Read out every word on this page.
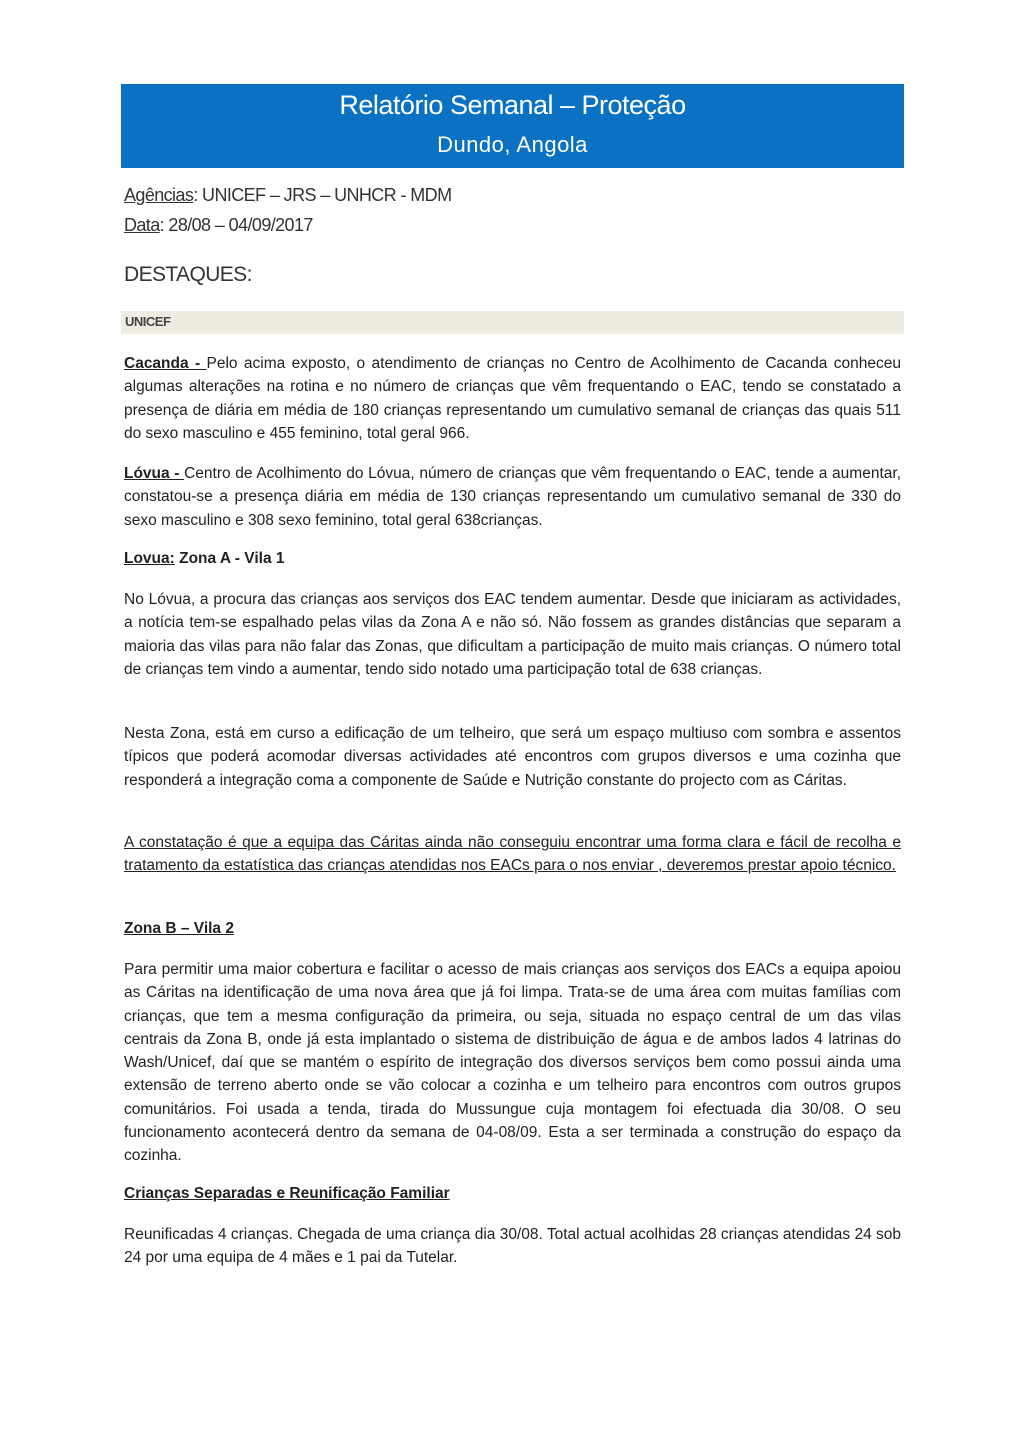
Relatório Semanal – Proteção
Dundo, Angola
Agências: UNICEF – JRS – UNHCR - MDM
Data: 28/08 – 04/09/2017
DESTAQUES:
UNICEF
Cacanda - Pelo acima exposto, o atendimento de crianças no Centro de Acolhimento de Cacanda conheceu algumas alterações na rotina e no número de crianças que vêm frequentando o EAC, tendo se constatado a presença de diária em média de 180 crianças representando um cumulativo semanal de crianças das quais 511 do sexo masculino e 455 feminino, total geral 966.
Lóvua - Centro de Acolhimento do Lóvua, número de crianças que vêm frequentando o EAC, tende a aumentar, constatou-se a presença diária em média de 130 crianças representando um cumulativo semanal de 330 do sexo masculino e 308 sexo feminino, total geral 638crianças.
Lovua: Zona A - Vila 1
No Lóvua, a procura das crianças aos serviços dos EAC tendem aumentar. Desde que iniciaram as actividades, a notícia tem-se espalhado pelas vilas da Zona A e não só. Não fossem as grandes distâncias que separam a maioria das vilas para não falar das Zonas, que dificultam a participação de muito mais crianças. O número total de crianças tem vindo a aumentar, tendo sido notado uma participação total de 638 crianças.
Nesta Zona, está em curso a edificação de um telheiro, que será um espaço multiuso com sombra e assentos típicos que poderá acomodar diversas actividades até encontros com grupos diversos e uma cozinha que responderá a integração coma a componente de Saúde e Nutrição constante do projecto com as Cáritas.
A constatação é que a equipa das Cáritas ainda não conseguiu encontrar uma forma clara e fácil de recolha e tratamento da estatística das crianças atendidas nos EACs para o nos enviar , deveremos prestar apoio técnico.
Zona B – Vila 2
Para permitir uma maior cobertura e facilitar o acesso de mais crianças aos serviços dos EACs a equipa apoiou as Cáritas na identificação de uma nova área que já foi limpa. Trata-se de uma área com muitas famílias com crianças, que tem a mesma configuração da primeira, ou seja, situada no espaço central de um das vilas centrais da Zona B, onde já esta implantado o sistema de distribuição de água e de ambos lados 4 latrinas do Wash/Unicef, daí que se mantém o espírito de integração dos diversos serviços bem como possui ainda uma extensão de terreno aberto onde se vão colocar a cozinha e um telheiro para encontros com outros grupos comunitários. Foi usada a tenda, tirada do Mussungue cuja montagem foi efectuada dia 30/08. O seu funcionamento acontecerá dentro da semana de 04-08/09. Esta a ser terminada a construção do espaço da cozinha.
Crianças Separadas e Reunificação Familiar
Reunificadas 4 crianças. Chegada de uma criança dia 30/08. Total actual acolhidas 28 crianças atendidas 24 sob 24 por uma equipa de 4 mães e 1 pai da Tutelar.
